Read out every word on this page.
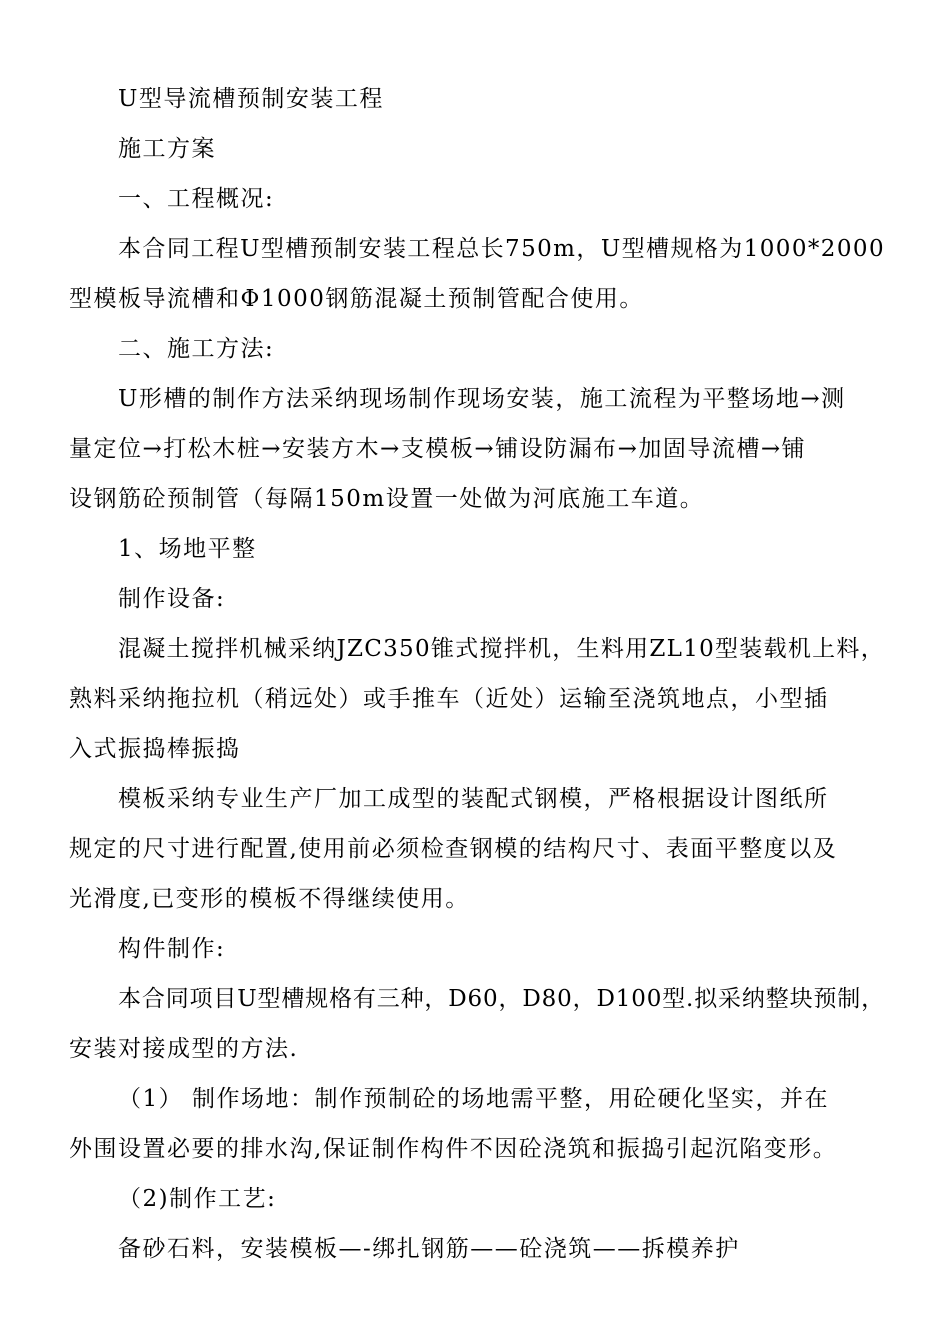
U型导流槽预制安装工程
施工方案
一、工程概况:
本合同工程U型槽预制安装工程总长750m，U型槽规格为1000*2000
型模板导流槽和Φ1000钢筋混凝土预制管配合使用。
二、施工方法:
U形槽的制作方法采纳现场制作现场安装，施工流程为平整场地→测
量定位→打松木桩→安装方木→支模板→铺设防漏布→加固导流槽→铺
设钢筋砼预制管（每隔150m设置一处做为河底施工车道。
1、场地平整
制作设备:
混凝土搅拌机械采纳JZC350锥式搅拌机，生料用ZL10型装载机上料，
熟料采纳拖拉机（稍远处）或手推车（近处）运输至浇筑地点，小型插
入式振捣棒振捣
模板采纳专业生产厂加工成型的装配式钢模，严格根据设计图纸所
规定的尺寸进行配置,使用前必须检查钢模的结构尺寸、表面平整度以及
光滑度,已变形的模板不得继续使用。
构件制作:
本合同项目U型槽规格有三种，D60，D80，D100型.拟采纳整块预制，
安装对接成型的方法.
（1） 制作场地：制作预制砼的场地需平整，用砼硬化坚实，并在
外围设置必要的排水沟,保证制作构件不因砼浇筑和振捣引起沉陷变形。
（2)制作工艺:
备砂石料，安装模板—-绑扎钢筋——砼浇筑——拆模养护
